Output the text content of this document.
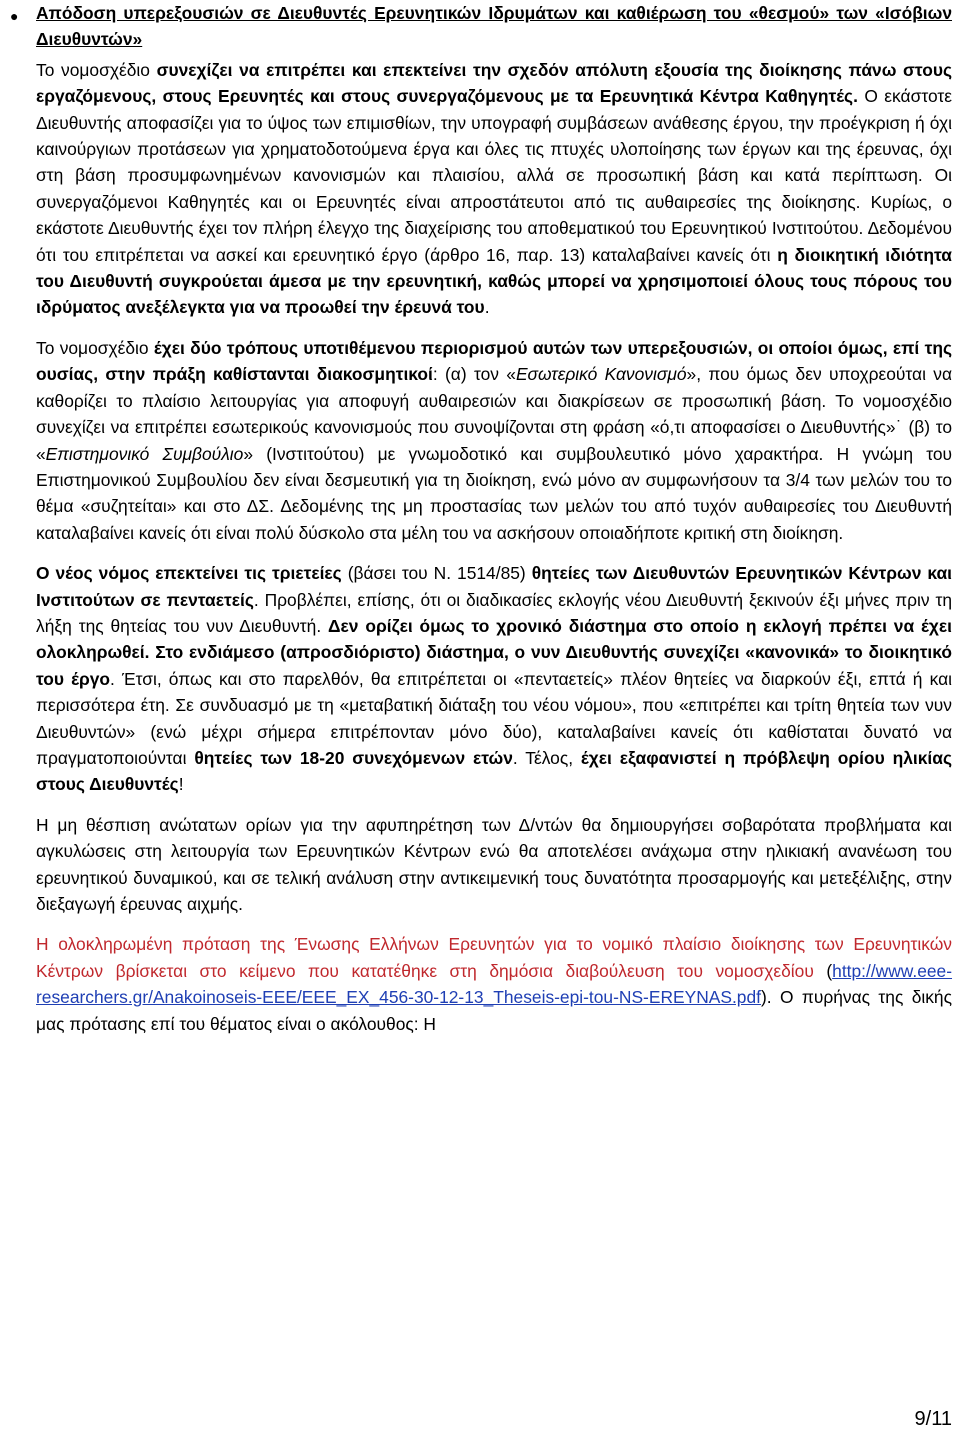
● Απόδοση υπερεξουσιών σε Διευθυντές Ερευνητικών Ιδρυμάτων και καθιέρωση του «θεσμού» των «Ισόβιων Διευθυντών»

Το νομοσχέδιο συνεχίζει να επιτρέπει και επεκτείνει την σχεδόν απόλυτη εξουσία της διοίκησης πάνω στους εργαζόμενους, στους Ερευνητές και στους συνεργαζόμενους με τα Ερευνητικά Κέντρα Καθηγητές. Ο εκάστοτε Διευθυντής αποφασίζει για το ύψος των επιμισθίων, την υπογραφή συμβάσεων ανάθεσης έργου, την προέγκριση ή όχι καινούργιων προτάσεων για χρηματοδοτούμενα έργα και όλες τις πτυχές υλοποίησης των έργων και της έρευνας, όχι στη βάση προσυμφωνημένων κανονισμών και πλαισίου, αλλά σε προσωπική βάση και κατά περίπτωση. Οι συνεργαζόμενοι Καθηγητές και οι Ερευνητές είναι απροστάτευτοι από τις αυθαιρεσίες της διοίκησης. Κυρίως, ο εκάστοτε Διευθυντής έχει τον πλήρη έλεγχο της διαχείρισης του αποθεματικού του Ερευνητικού Ινστιτούτου. Δεδομένου ότι του επιτρέπεται να ασκεί και ερευνητικό έργο (άρθρο 16, παρ. 13) καταλαβαίνει κανείς ότι η διοικητική ιδιότητα του Διευθυντή συγκρούεται άμεσα με την ερευνητική, καθώς μπορεί να χρησιμοποιεί όλους τους πόρους του ιδρύματος ανεξέλεγκτα για να προωθεί την έρευνά του.

Το νομοσχέδιο έχει δύο τρόπους υποτιθέμενου περιορισμού αυτών των υπερεξουσιών, οι οποίοι όμως, επί της ουσίας, στην πράξη καθίστανται διακοσμητικοί: (α) τον «Εσωτερικό Κανονισμό», που όμως δεν υποχρεούται να καθορίζει το πλαίσιο λειτουργίας για αποφυγή αυθαιρεσιών και διακρίσεων σε προσωπική βάση. Το νομοσχέδιο συνεχίζει να επιτρέπει εσωτερικούς κανονισμούς που συνοψίζονται στη φράση «ό,τι αποφασίσει ο Διευθυντής»˙ (β) το «Επιστημονικό Συμβούλιο» (Ινστιτούτου) με γνωμοδοτικό και συμβουλευτικό μόνο χαρακτήρα. Η γνώμη του Επιστημονικού Συμβουλίου δεν είναι δεσμευτική για τη διοίκηση, ενώ μόνο αν συμφωνήσουν τα 3/4 των μελών του το θέμα «συζητείται» και στο ΔΣ. Δεδομένης της μη προστασίας των μελών του από τυχόν αυθαιρεσίες του Διευθυντή καταλαβαίνει κανείς ότι είναι πολύ δύσκολο στα μέλη του να ασκήσουν οποιαδήποτε κριτική στη διοίκηση.

Ο νέος νόμος επεκτείνει τις τριετείες (βάσει του Ν. 1514/85) θητείες των Διευθυντών Ερευνητικών Κέντρων και Ινστιτούτων σε πενταετείς. Προβλέπει, επίσης, ότι οι διαδικασίες εκλογής νέου Διευθυντή ξεκινούν έξι μήνες πριν τη λήξη της θητείας του νυν Διευθυντή. Δεν ορίζει όμως το χρονικό διάστημα στο οποίο η εκλογή πρέπει να έχει ολοκληρωθεί. Στο ενδιάμεσο (απροσδιόριστο) διάστημα, ο νυν Διευθυντής συνεχίζει «κανονικά» το διοικητικό του έργο. Έτσι, όπως και στο παρελθόν, θα επιτρέπεται οι «πενταετείς» πλέον θητείες να διαρκούν έξι, επτά ή και περισσότερα έτη. Σε συνδυασμό με τη «μεταβατική διάταξη του νέου νόμου», που «επιτρέπει και τρίτη θητεία των νυν Διευθυντών» (ενώ μέχρι σήμερα επιτρέπονταν μόνο δύο), καταλαβαίνει κανείς ότι καθίσταται δυνατό να πραγματοποιούνται θητείες των 18-20 συνεχόμενων ετών. Τέλος, έχει εξαφανιστεί η πρόβλεψη ορίου ηλικίας στους Διευθυντές!

Η μη θέσπιση ανώτατων ορίων για την αφυπηρέτηση των Δ/ντών θα δημιουργήσει σοβαρότατα προβλήματα και αγκυλώσεις στη λειτουργία των Ερευνητικών Κέντρων ενώ θα αποτελέσει ανάχωμα στην ηλικιακή ανανέωση του ερευνητικού δυναμικού, και σε τελική ανάλυση στην αντικειμενική τους δυνατότητα προσαρμογής και μετεξέλιξης, στην διεξαγωγή έρευνας αιχμής.

Η ολοκληρωμένη πρόταση της Ένωσης Ελλήνων Ερευνητών για το νομικό πλαίσιο διοίκησης των Ερευνητικών Κέντρων βρίσκεται στο κείμενο που κατατέθηκε στη δημόσια διαβούλευση του νομοσχεδίου (http://www.eee-researchers.gr/Anakoinoseis-EEE/EEE_EX_456-30-12-13_Theseis-epi-tou-NS-EREYNAS.pdf). Ο πυρήνας της δικής μας πρότασης επί του θέματος είναι ο ακόλουθος: Η

9/11
